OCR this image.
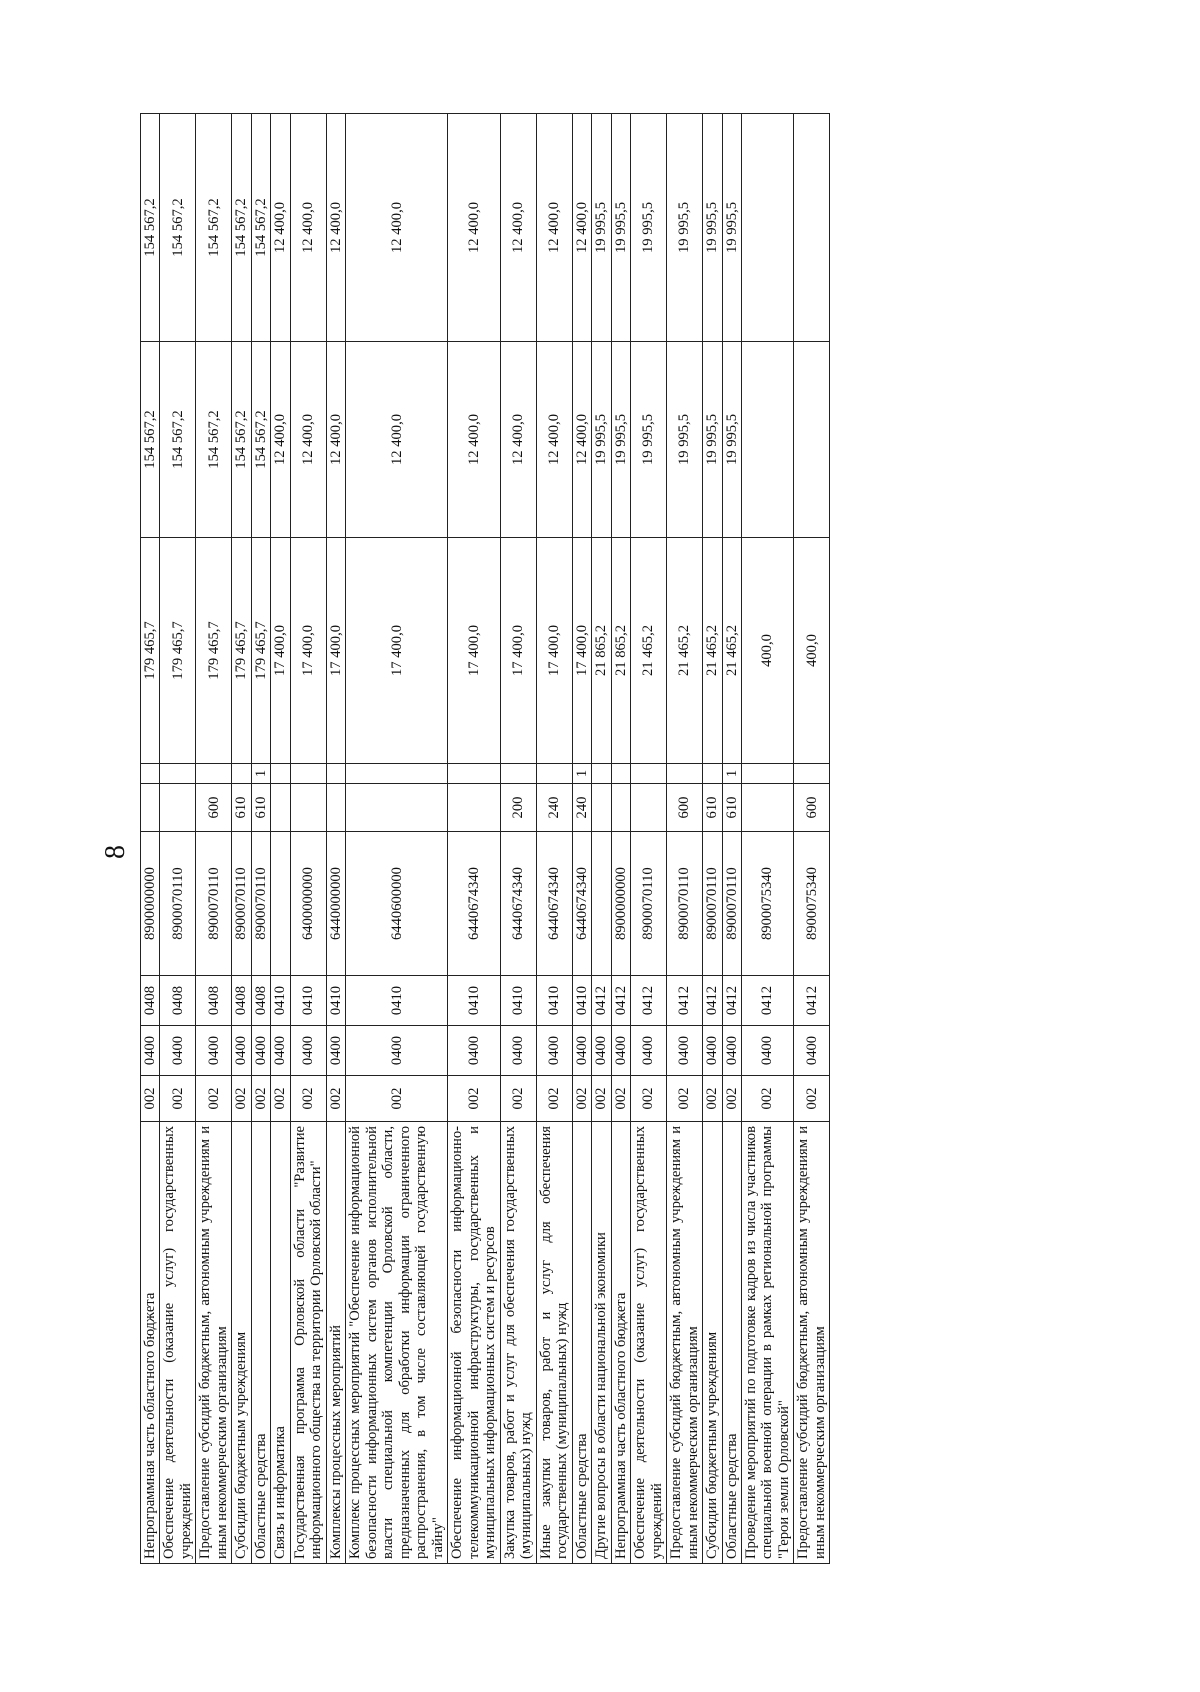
8
Непрограммная часть областного бюджета	002	0400	0408	8900000000			179 465,7	154 567,2	154 567,2
Обеспечение деятельности (оказание услуг) государственных учреждений	002	0400	0408	8900070110			179 465,7	154 567,2	154 567,2
Предоставление субсидий бюджетным, автономным учреждениям и иным некоммерческим организациям	002	0400	0408	8900070110	600		179 465,7	154 567,2	154 567,2
Субсидии бюджетным учреждениям	002	0400	0408	8900070110	610		179 465,7	154 567,2	154 567,2
Областные средства	002	0400	0408	8900070110	610	1	179 465,7	154 567,2	154 567,2
Связь и информатика	002	0400	0410				17 400,0	12 400,0	12 400,0
Государственная программа Орловской области "Развитие информационного общества на территории Орловской области"	002	0400	0410	6400000000			17 400,0	12 400,0	12 400,0
Комплексы процессных мероприятий	002	0400	0410	6440000000			17 400,0	12 400,0	12 400,0
Комплекс процессных мероприятий "Обеспечение информационной безопасности информационных систем органов исполнительной власти специальной компетенции Орловской области, предназначенных для обработки информации ограниченного распространения, в том числе составляющей государственную тайну"	002	0400	0410	6440600000			17 400,0	12 400,0	12 400,0
Обеспечение информационной безопасности информационно-телекоммуникационной инфраструктуры, государственных и муниципальных информационных систем и ресурсов	002	0400	0410	6440674340			17 400,0	12 400,0	12 400,0
Закупка товаров, работ и услуг для обеспечения государственных (муниципальных) нужд	002	0400	0410	6440674340	200		17 400,0	12 400,0	12 400,0
Иные закупки товаров, работ и услуг для обеспечения государственных (муниципальных) нужд	002	0400	0410	6440674340	240		17 400,0	12 400,0	12 400,0
Областные средства	002	0400	0410	6440674340	240	1	17 400,0	12 400,0	12 400,0
Другие вопросы в области национальной экономики	002	0400	0412				21 865,2	19 995,5	19 995,5
Непрограммная часть областного бюджета	002	0400	0412	8900000000			21 865,2	19 995,5	19 995,5
Обеспечение деятельности (оказание услуг) государственных учреждений	002	0400	0412	8900070110			21 465,2	19 995,5	19 995,5
Предоставление субсидий бюджетным, автономным учреждениям и иным некоммерческим организациям	002	0400	0412	8900070110	600		21 465,2	19 995,5	19 995,5
Субсидии бюджетным учреждениям	002	0400	0412	8900070110	610		21 465,2	19 995,5	19 995,5
Областные средства	002	0400	0412	8900070110	610	1	21 465,2	19 995,5	19 995,5
Проведение мероприятий по подготовке кадров из числа участников специальной военной операции в рамках региональной программы "Герои земли Орловской"	002	0400	0412	8900075340			400,0		
Предоставление субсидий бюджетным, автономным учреждениям и иным некоммерческим организациям	002	0400	0412	8900075340	600		400,0		
